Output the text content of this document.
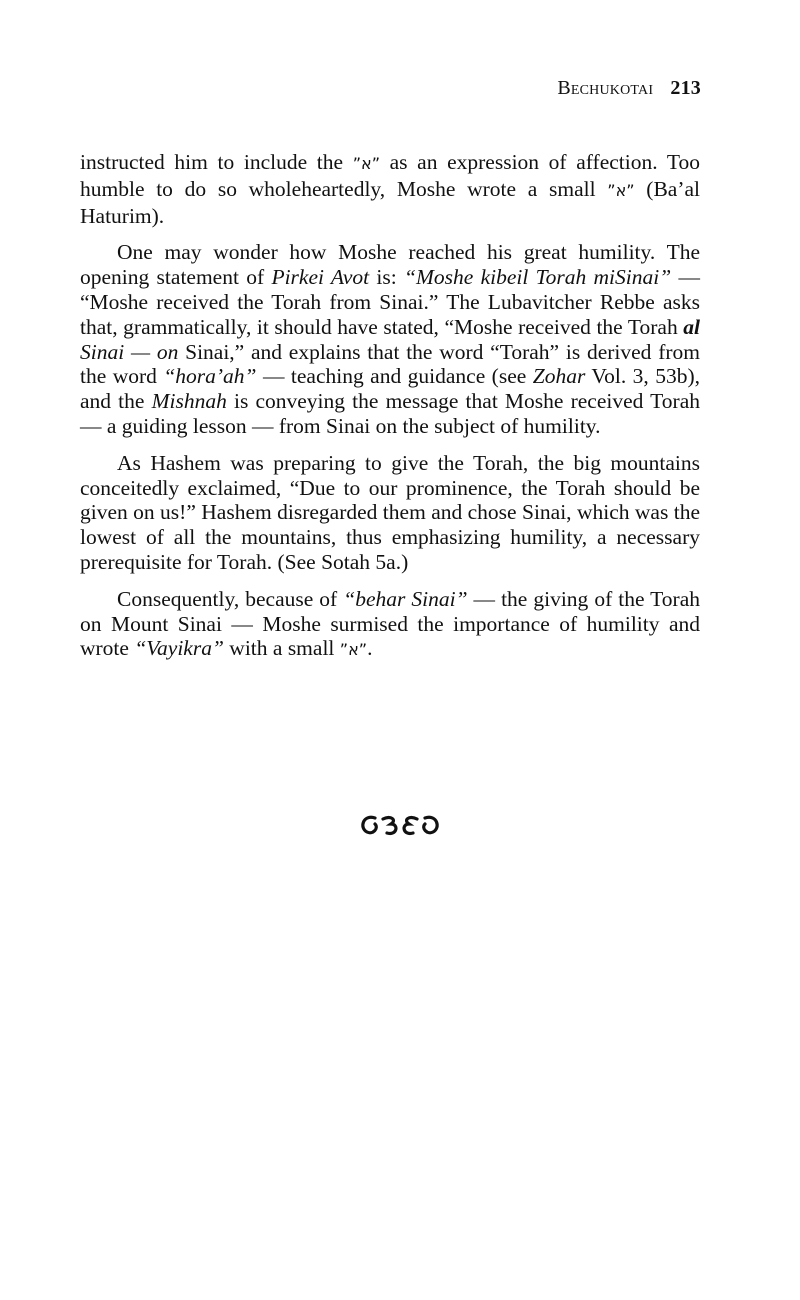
Bechukotai 213

instructed him to include the ”א” as an expression of affection. Too humble to do so wholeheartedly, Moshe wrote a small ”א” (Ba’al Haturim).

One may wonder how Moshe reached his great humility. The opening statement of Pirkei Avot is: “Moshe kibeil Torah miSinai” — “Moshe received the Torah from Sinai.” The Lubavitcher Rebbe asks that, grammatically, it should have stated, “Moshe received the Torah al Sinai — on Sinai,” and explains that the word “Torah” is derived from the word “hora’ah” — teaching and guidance (see Zohar Vol. 3, 53b), and the Mishnah is conveying the message that Moshe received Torah — a guiding lesson — from Sinai on the subject of humility.

As Hashem was preparing to give the Torah, the big mountains conceitedly exclaimed, “Due to our prominence, the Torah should be given on us!” Hashem disregarded them and chose Sinai, which was the lowest of all the mountains, thus emphasizing humility, a necessary prerequisite for Torah. (See Sotah 5a.)

Consequently, because of “behar Sinai” — the giving of the Torah on Mount Sinai — Moshe surmised the importance of humility and wrote “Vayikra” with a small ”א”.
